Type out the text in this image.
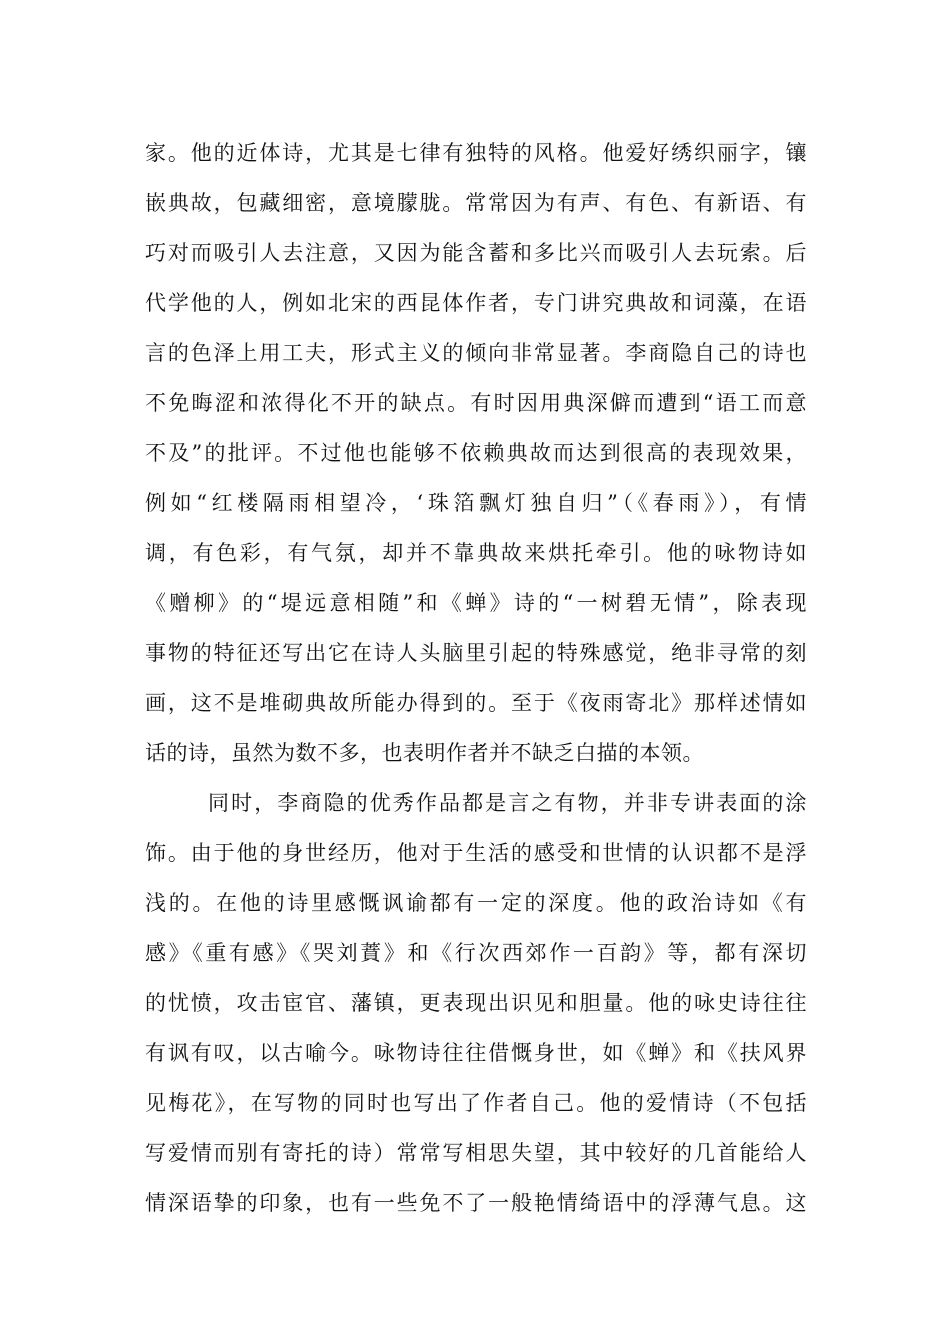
家。他的近体诗，尤其是七律有独特的风格。他爱好绣织丽字，镶
嵌典故，包藏细密，意境朦胧。常常因为有声、有色、有新语、有
巧对而吸引人去注意，又因为能含蓄和多比兴而吸引人去玩索。后
代学他的人，例如北宋的西昆体作者，专门讲究典故和词藻，在语
言的色泽上用工夫，形式主义的倾向非常显著。李商隐自己的诗也
不免晦涩和浓得化不开的缺点。有时因用典深僻而遭到“语工而意
不及”的批评。不过他也能够不依赖典故而达到很高的表现效果，
例如“红楼隔雨相望冷，‘珠箔飘灯独自归”（《春雨》），有情
调，有色彩，有气氛，却并不靠典故来烘托牵引。他的咏物诗如
《赠柳》的“堤远意相随”和《蝉》诗的“一树碧无情”，除表现
事物的特征还写出它在诗人头脑里引起的特殊感觉，绝非寻常的刻
画，这不是堆砌典故所能办得到的。至于《夜雨寄北》那样述情如
话的诗，虽然为数不多，也表明作者并不缺乏白描的本领。
同时，李商隐的优秀作品都是言之有物，并非专讲表面的涂
饰。由于他的身世经历，他对于生活的感受和世情的认识都不是浮
浅的。在他的诗里感慨讽谕都有一定的深度。他的政治诗如《有
感》《重有感》《哭刘蕡》和《行次西郊作一百韵》等，都有深切
的忧愤，攻击宦官、藩镇，更表现出识见和胆量。他的咏史诗往往
有讽有叹，以古喻今。咏物诗往往借慨身世，如《蝉》和《扶风界
见梅花》，在写物的同时也写出了作者自己。他的爱情诗（不包括
写爱情而别有寄托的诗）常常写相思失望，其中较好的几首能给人
情深语挚的印象，也有一些免不了一般艳情绮语中的浮薄气息。这
